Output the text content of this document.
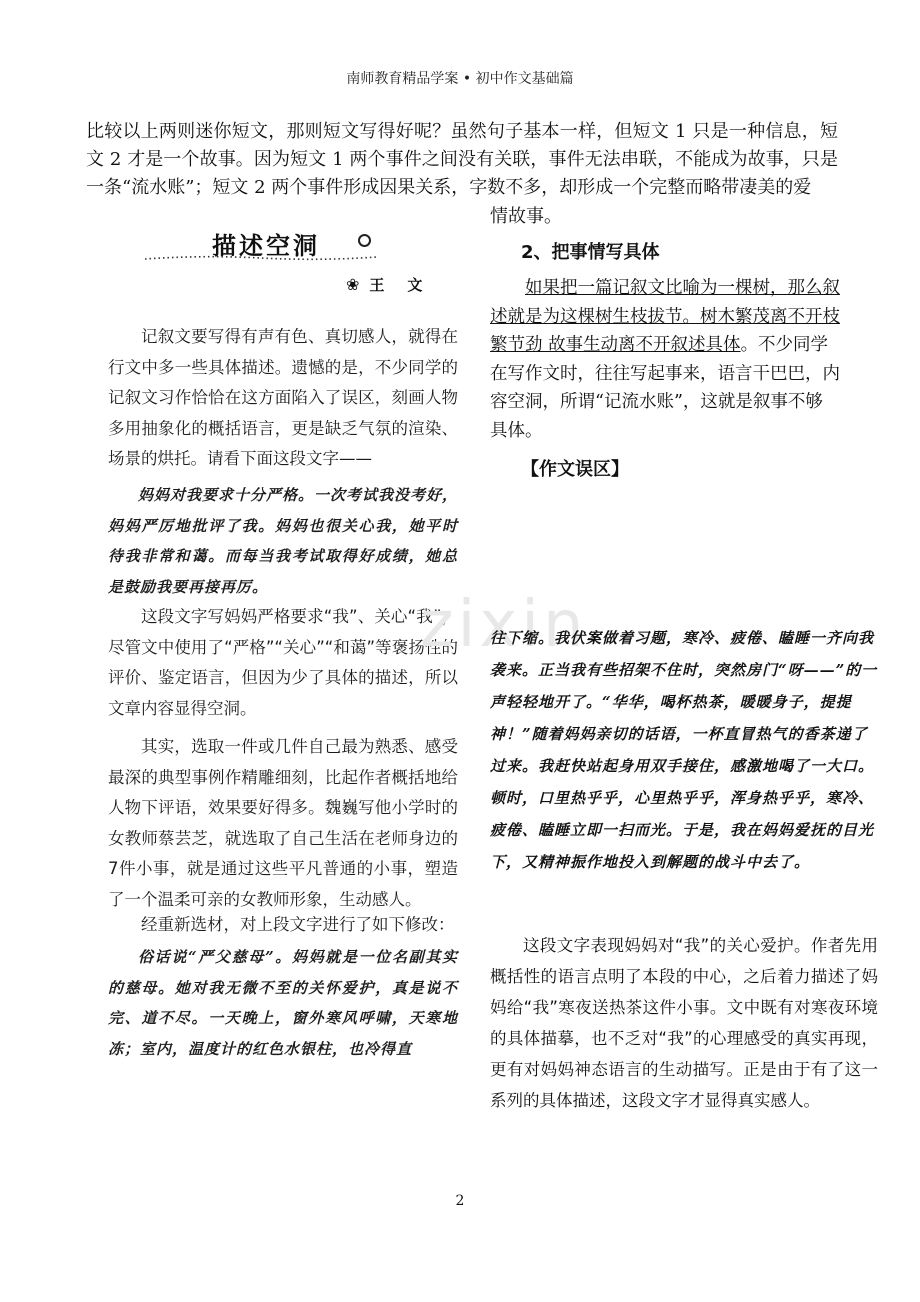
南师教育精品学案 • 初中作文基础篇
比较以上两则迷你短文，那则短文写得好呢？虽然句子基本一样，但短文 1 只是一种信息，短文 2 才是一个故事。因为短文 1 两个事件之间没有关联，事件无法串联，不能成为故事，只是一条“流水账”；短文 2 两个事件形成因果关系，字数不多，却形成一个完整而略带凄美的爱
情故事。
描述空洞
❀ 王　文
记叙文要写得有声有色、真切感人，就得在行文中多一些具体描述。遗憾的是，不少同学的记叙文习作恰恰在这方面陷入了误区，刻画人物多用抽象化的概括语言，更是缺乏气氛的渲染、场景的烘托。请看下面这段文字——
妈妈对我要求十分严格。一次考试我没考好，妈妈严厉地批评了我。妈妈也很关心我，她平时待我非常和蔼。而每当我考试取得好成绩，她总是鼓励我要再接再厉。
这段文字写妈妈严格要求“我”、关心“我”，尽管文中使用了“严格”“关心”“和蔼”等褒扬性的评价、鉴定语言，但因为少了具体的描述，所以文章内容显得空洞。
其实，选取一件或几件自己最为熟悉、感受最深的典型事例作精雕细刻，比起作者概括地给人物下评语，效果要好得多。魏巍写他小学时的女教师蔡芸芝，就选取了自己生活在老师身边的7件小事，就是通过这些平凡普通的小事，塑造了一个温柔可亲的女教师形象，生动感人。
经重新选材，对上段文字进行了如下修改：
俗话说“严父慈母”。妈妈就是一位名副其实的慈母。她对我无微不至的关怀爱护，真是说不完、道不尽。一天晚上，窗外寒风呼啸，天寒地冻；室内，温度计的红色水银柱，也冷得直
2、把事情写具体
如果把一篇记叙文比喻为一棵树，那么叙述就是为这棵树生枝拔节。树木繁茂离不开枝繁节劲 故事生动离不开叙述具体。不少同学在写作文时，往往写起事来，语言干巴巴，内容空洞，所谓“记流水账”，这就是叙事不够具体。
【作文误区】
zixin
往下缩。我伏案做着习题，寒冷、疲倦、瞌睡一齐向我袭来。正当我有些招架不住时，突然房门“呀——”的一声轻轻地开了。“华华，喝杯热茶，暖暖身子，提提神！”随着妈妈亲切的话语，一杯直冒热气的香茶递了过来。我赶快站起身用双手接住，感激地喝了一大口。顿时，口里热乎乎，心里热乎乎，浑身热乎乎，寒冷、疲倦、瞌睡立即一扫而光。于是，我在妈妈爱抚的目光下，又精神振作地投入到解题的战斗中去了。
这段文字表现妈妈对“我”的关心爱护。作者先用概括性的语言点明了本段的中心，之后着力描述了妈妈给“我”寒夜送热茶这件小事。文中既有对寒夜环境的具体描摹，也不乏对“我”的心理感受的真实再现，更有对妈妈神态语言的生动描写。正是由于有了这一系列的具体描述，这段文字才显得真实感人。
2
